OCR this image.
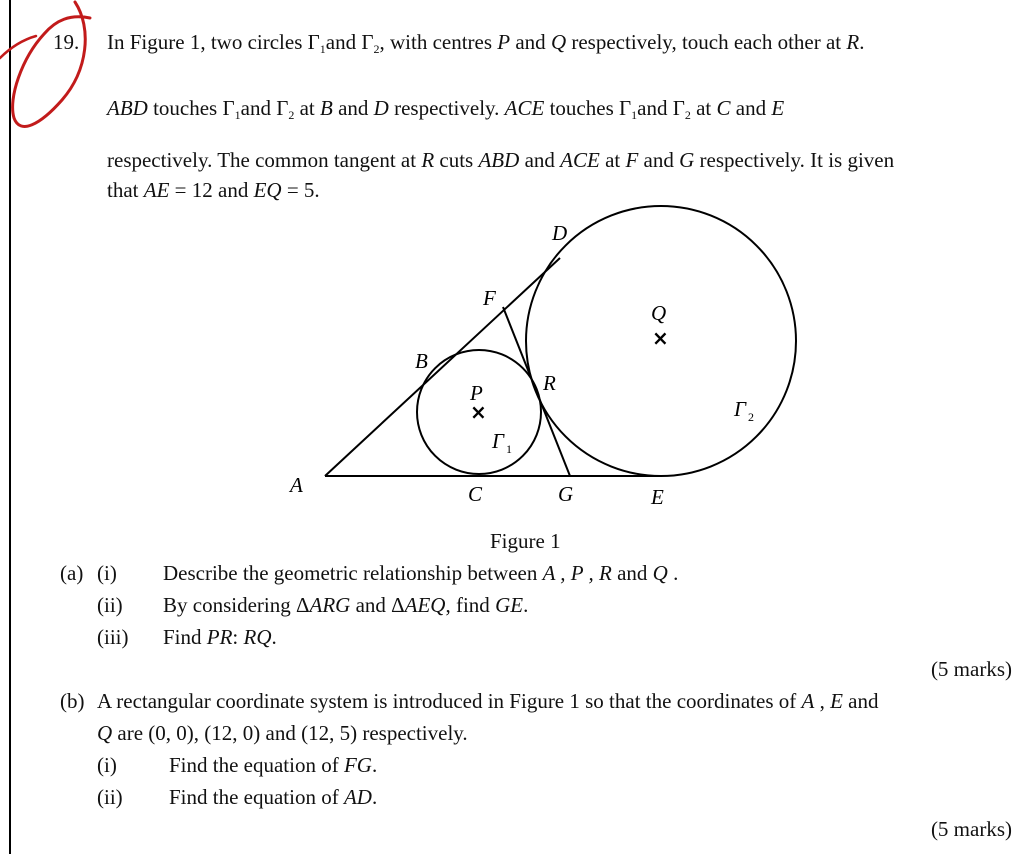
19. In Figure 1, two circles $\Gamma_1and$ $\Gamma_2$, with centres P and Q respectively, touch each other at R.
ABD touches $\Gamma_1and$ $\Gamma_2$ at B and D respectively. ACE touches $\Gamma_1and$ $\Gamma_2$ at C and E
respectively. The common tangent at R cuts ABD and ACE at F and G respectively. It is given
that AE = 12 and EQ = 5.
A
B
C
D
E
F
G
R
P
×
Q
×
Γ 1
Γ 2
Figure 1
(a) (i) Describe the geometric relationship between A , P , R and Q .
(ii) By considering ΔARG and ΔAEQ, find GE.
(iii) Find PR: RQ.
(5 marks)
(b) A rectangular coordinate system is introduced in Figure 1 so that the coordinates of A , E and
Q are (0, 0), (12, 0) and (12, 5) respectively.
(i) Find the equation of FG.
(ii) Find the equation of AD.
(5 marks)
